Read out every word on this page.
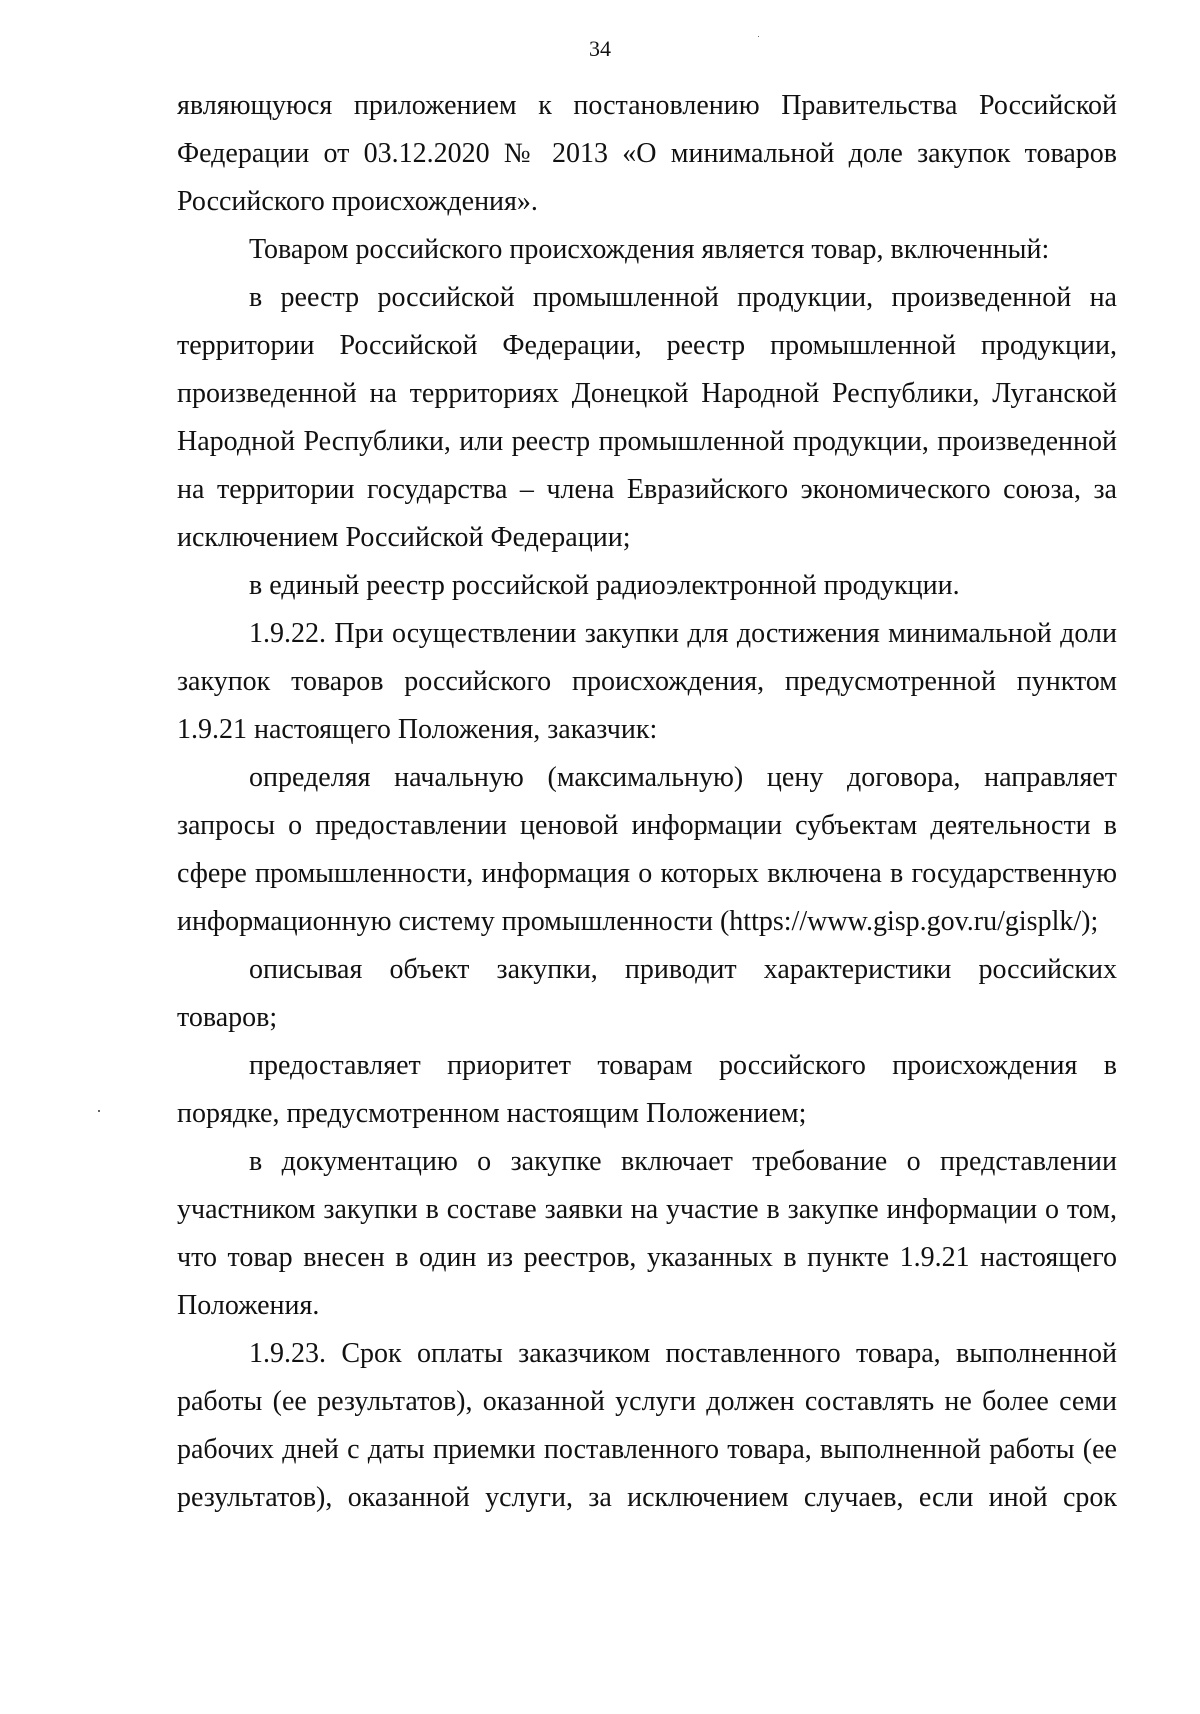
34

являющуюся приложением к постановлению Правительства Российской Федерации от 03.12.2020 № 2013 «О минимальной доле закупок товаров Российского происхождения».

Товаром российского происхождения является товар, включенный:

в реестр российской промышленной продукции, произведенной на территории Российской Федерации, реестр промышленной продукции, произведенной на территориях Донецкой Народной Республики, Луганской Народной Республики, или реестр промышленной продукции, произведенной на территории государства – члена Евразийского экономического союза, за исключением Российской Федерации;

в единый реестр российской радиоэлектронной продукции.

1.9.22. При осуществлении закупки для достижения минимальной доли закупок товаров российского происхождения, предусмотренной пунктом 1.9.21 настоящего Положения, заказчик:

определяя начальную (максимальную) цену договора, направляет запросы о предоставлении ценовой информации субъектам деятельности в сфере промышленности, информация о которых включена в государственную информационную систему промышленности (https://www.gisp.gov.ru/gisplk/);

описывая объект закупки, приводит характеристики российских товаров;

предоставляет приоритет товарам российского происхождения в порядке, предусмотренном настоящим Положением;

в документацию о закупке включает требование о представлении участником закупки в составе заявки на участие в закупке информации о том, что товар внесен в один из реестров, указанных в пункте 1.9.21 настоящего Положения.

1.9.23. Срок оплаты заказчиком поставленного товара, выполненной работы (ее результатов), оказанной услуги должен составлять не более семи рабочих дней с даты приемки поставленного товара, выполненной работы (ее результатов), оказанной услуги, за исключением случаев, если иной срок
